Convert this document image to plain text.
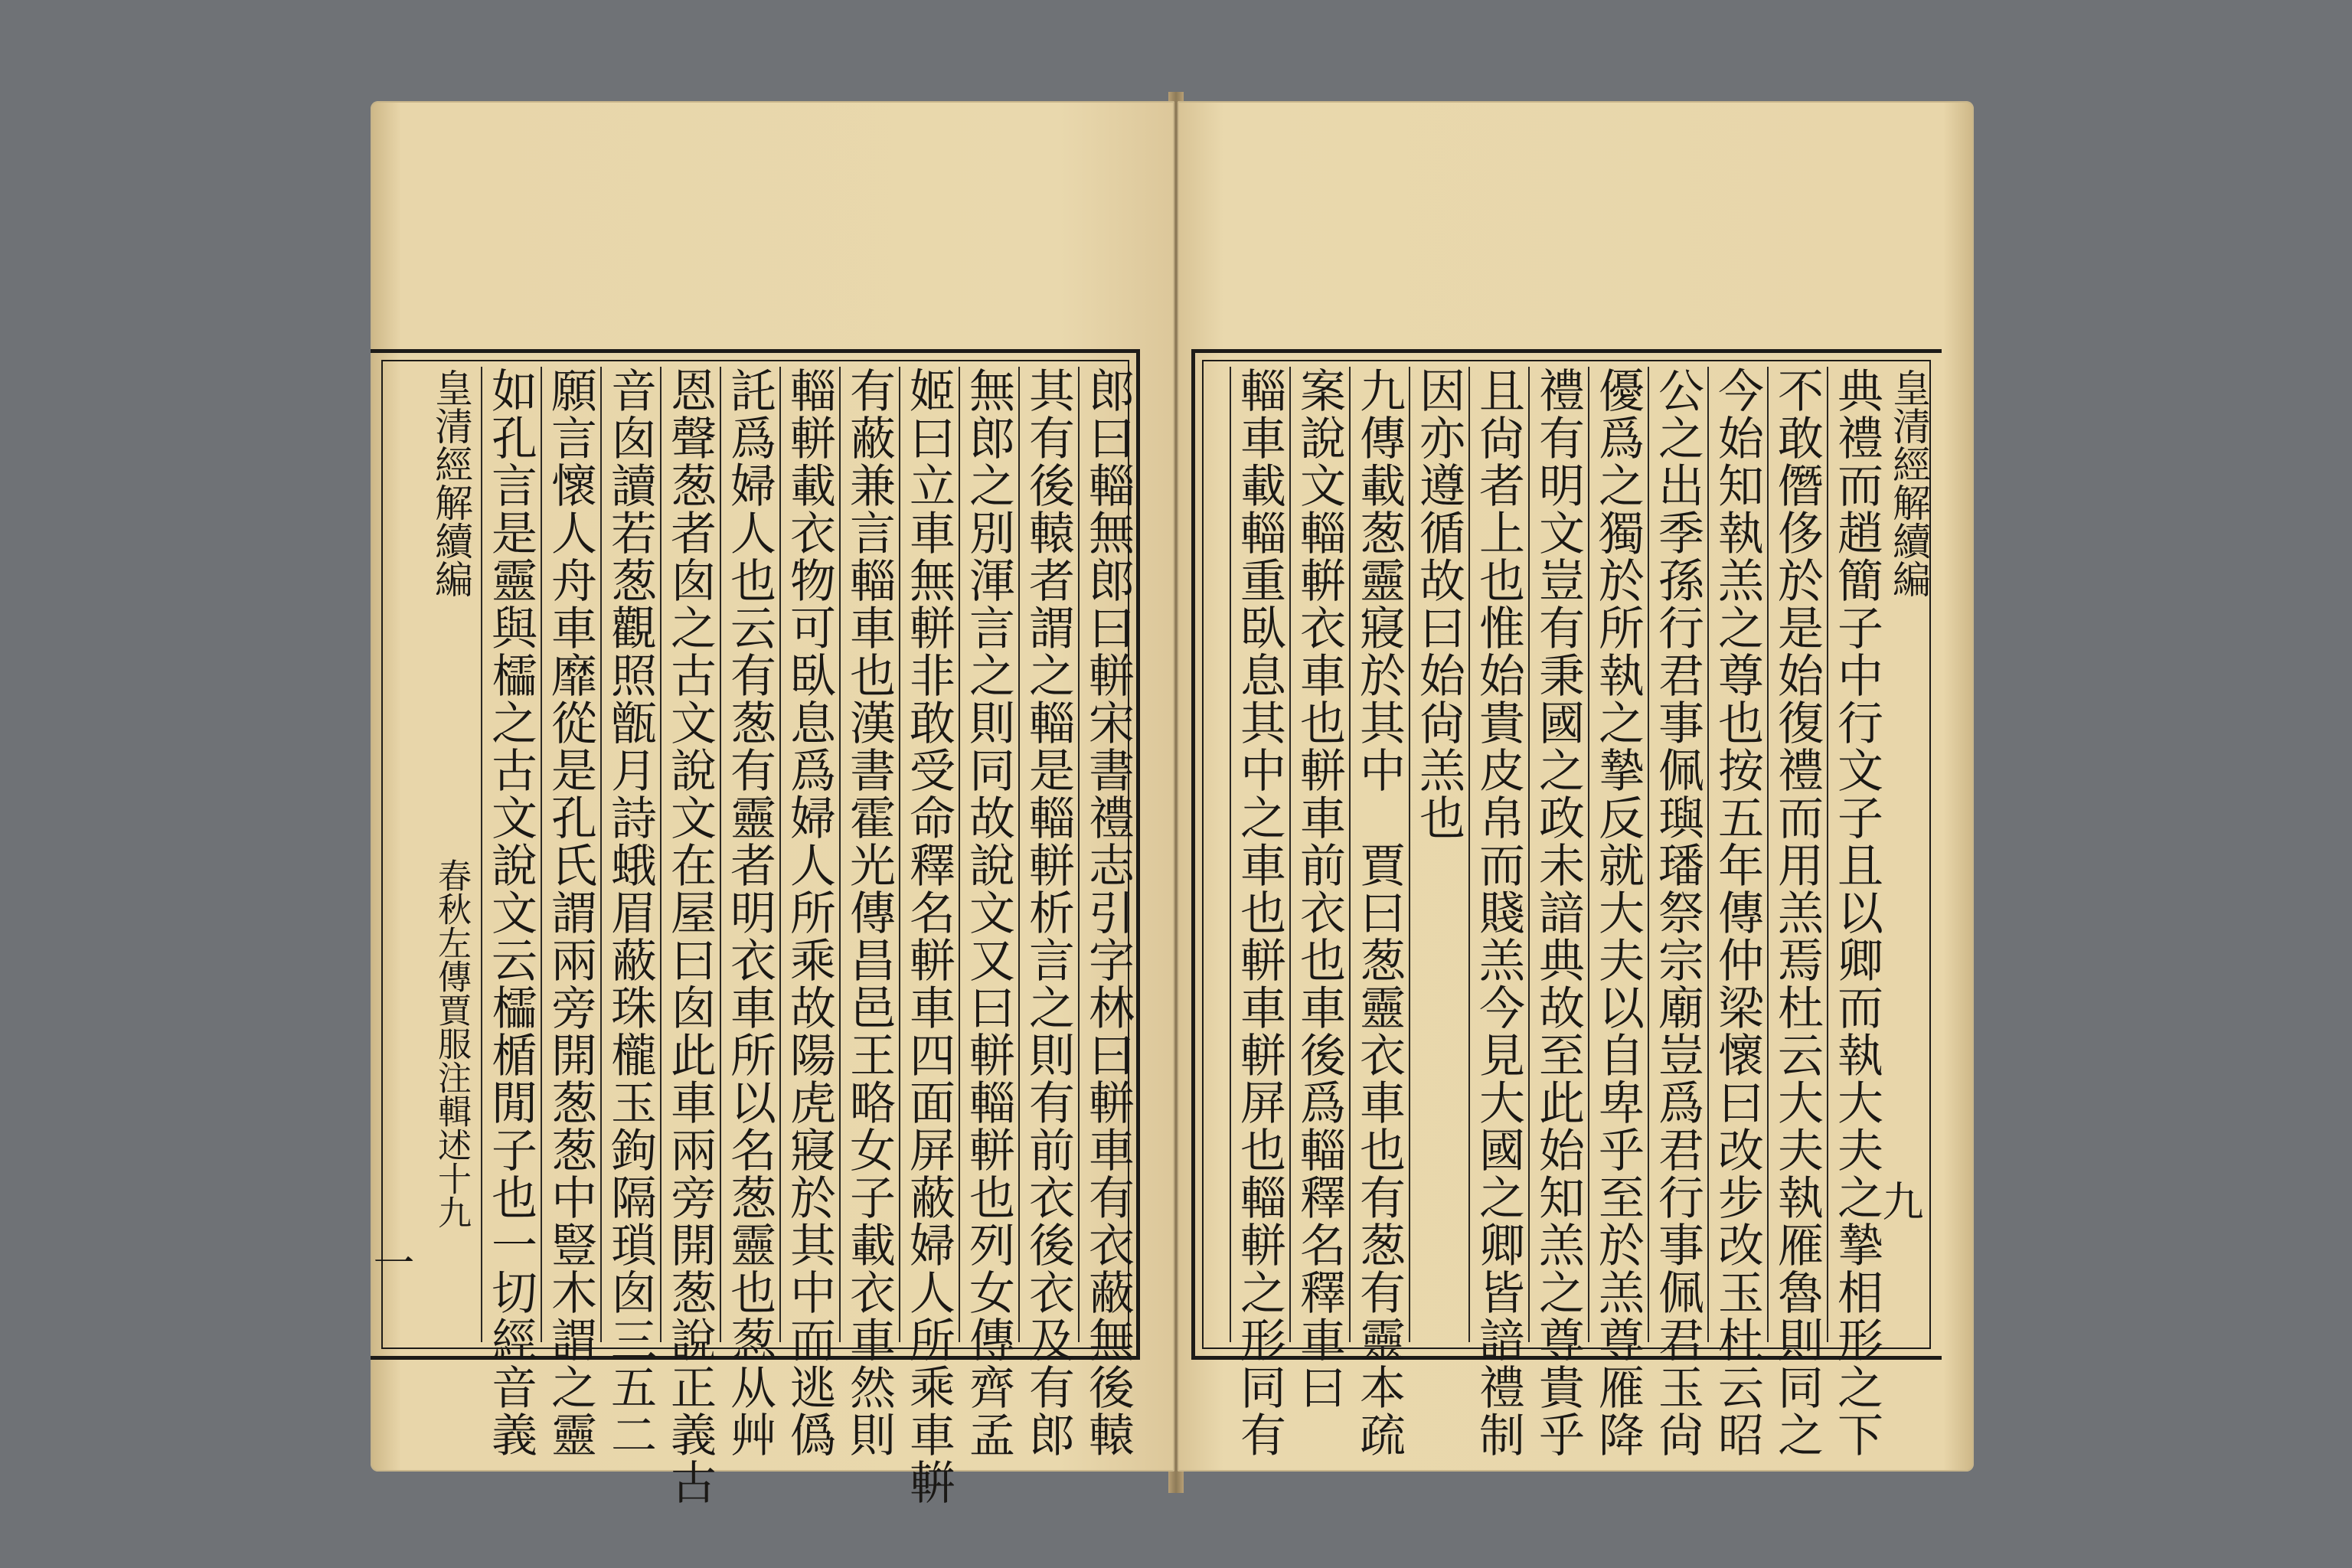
郎曰輜無郎曰軿宋書禮志引字林曰軿車有衣蔽無後轅
其有後轅者謂之輜是輜軿析言之則有前衣後衣及有郎
無郎之別渾言之則同故說文又曰軿輜軿也列女傳齊孟
姬曰立車無軿非敢受命釋名軿車四面屏蔽婦人所乘車輧
有蔽兼言輜車也漢書霍光傳昌邑王略女子載衣車然則
輜軿載衣物可臥息爲婦人所乘故陽虎寢於其中而逃僞
託爲婦人也云有葱有靈者明衣車所以名葱靈也葱从艸
恩聲葱者囱之古文說文在屋曰囱此車兩旁開葱說正義古
音囱讀若葱觀照甑月詩蛾眉蔽珠櫳玉鉤隔瑣囱三五二
願言懷人舟車靡從是孔氏謂兩旁開葱葱中豎木謂之靈
如孔言是靈與櫺之古文說文云櫺楯閒子也一切經音義
皇清經解續編
春秋左傳賈服注輯述十九
一
皇清經解續編
九
典禮而趙簡子中行文子且以卿而執大夫之摯相形之下
不敢僭侈於是始復禮而用羔焉杜云大夫執雁魯則同之
今始知執羔之尊也按五年傳仲梁懷曰改步改玉杜云昭
公之出季孫行君事佩璵璠祭宗廟豈爲君行事佩君玉尙
優爲之獨於所執之摯反就大夫以自卑乎至於羔尊雁降
禮有明文豈有秉國之政未諳典故至此始知羔之尊貴乎
且尙者上也惟始貴皮帛而賤羔今見大國之卿皆諳禮制
因亦遵循故曰始尙羔也
九傳載葱靈寢於其中　賈曰葱靈衣車也有葱有靈本疏
案說文輜輧衣車也軿車前衣也車後爲輜釋名釋車曰
輜車載輜重臥息其中之車也軿車軿屏也輜軿之形同有
